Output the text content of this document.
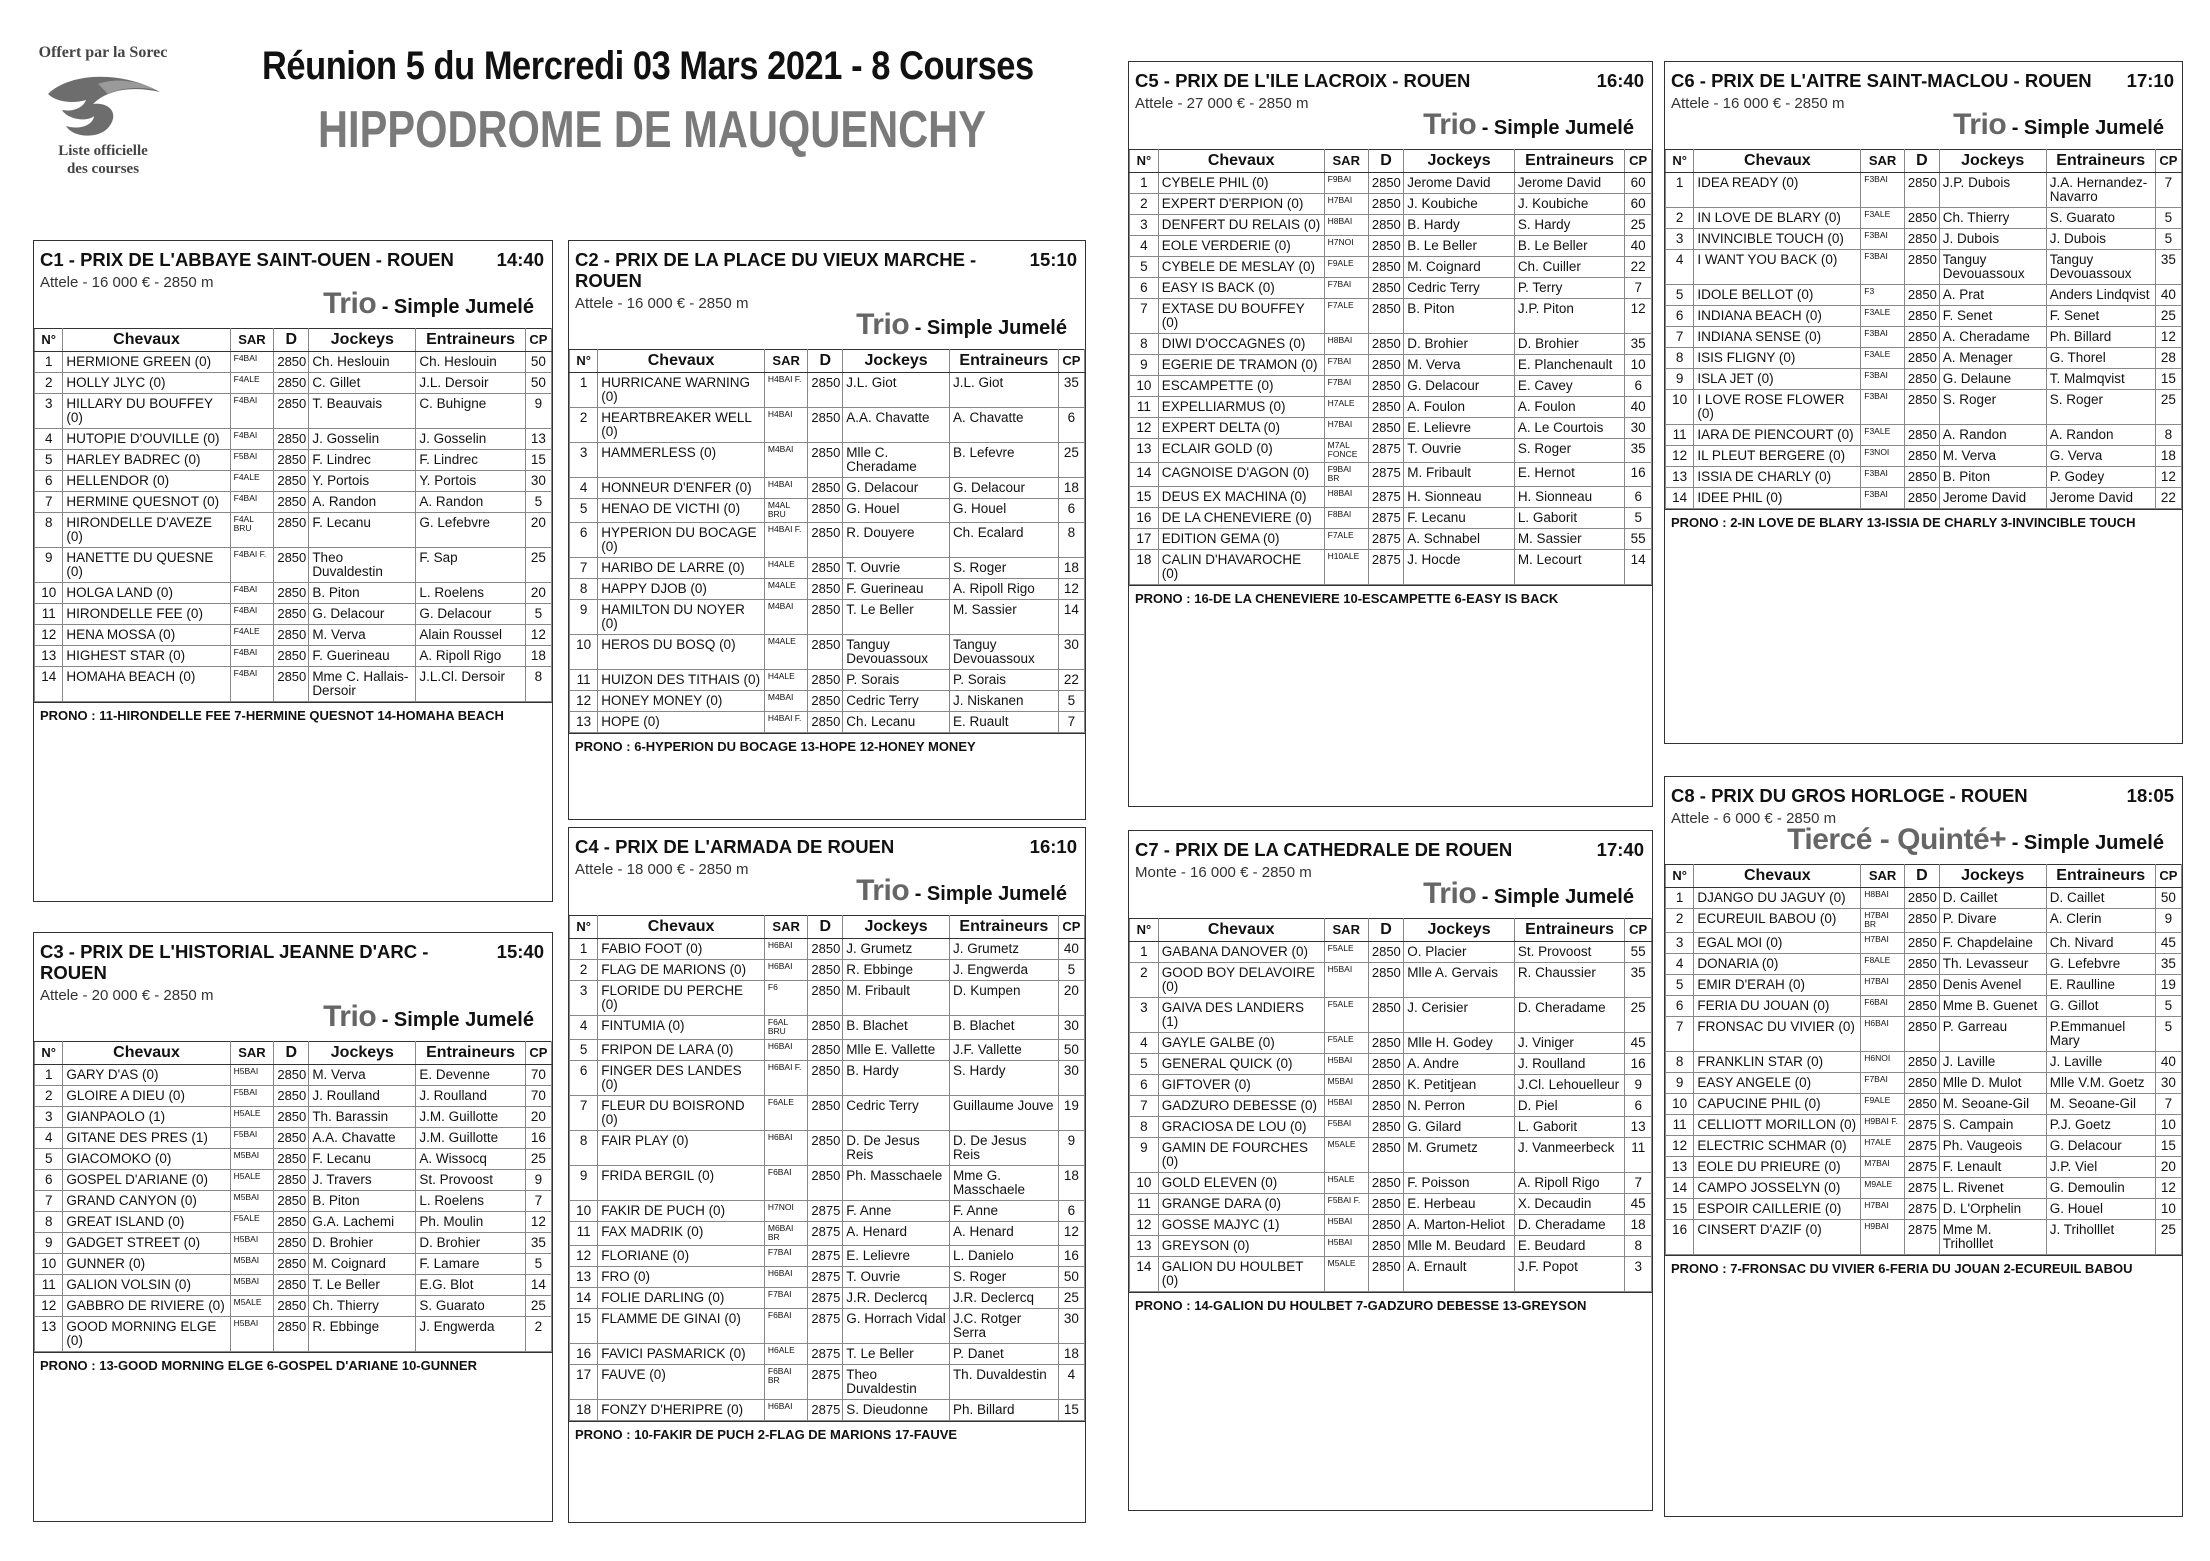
Offert par la Sorec
Liste officielle
des courses
Réunion 5 du Mercredi 03 Mars 2021 - 8 Courses
HIPPODROME DE MAUQUENCHY
C1 - PRIX DE L'ABBAYE SAINT-OUEN - ROUEN	14:40
Attele - 16 000 € - 2850 m
Trio - Simple Jumelé
N°	Chevaux	SAR	D	Jockeys	Entraineurs	CP
1	HERMIONE GREEN (0)	F4BAI	2850	Ch. Heslouin	Ch. Heslouin	50
2	HOLLY JLYC (0)	F4ALE	2850	C. Gillet	J.L. Dersoir	50
3	HILLARY DU BOUFFEY (0)	F4BAI	2850	T. Beauvais	C. Buhigne	9
4	HUTOPIE D'OUVILLE (0)	F4BAI	2850	J. Gosselin	J. Gosselin	13
5	HARLEY BADREC (0)	F5BAI	2850	F. Lindrec	F. Lindrec	15
6	HELLENDOR (0)	F4ALE	2850	Y. Portois	Y. Portois	30
7	HERMINE QUESNOT (0)	F4BAI	2850	A. Randon	A. Randon	5
8	HIRONDELLE D'AVEZE (0)	F4AL BRU	2850	F. Lecanu	G. Lefebvre	20
9	HANETTE DU QUESNE (0)	F4BAI F.	2850	Theo Duvaldestin	F. Sap	25
10	HOLGA LAND (0)	F4BAI	2850	B. Piton	L. Roelens	20
11	HIRONDELLE FEE (0)	F4BAI	2850	G. Delacour	G. Delacour	5
12	HENA MOSSA (0)	F4ALE	2850	M. Verva	Alain Roussel	12
13	HIGHEST STAR (0)	F4BAI	2850	F. Guerineau	A. Ripoll Rigo	18
14	HOMAHA BEACH (0)	F4BAI	2850	Mme C. Hallais-Dersoir	J.L.Cl. Dersoir	8
PRONO : 11-HIRONDELLE FEE 7-HERMINE QUESNOT 14-HOMAHA BEACH
C2 - PRIX DE LA PLACE DU VIEUX MARCHE - ROUEN
15:10
Attele - 16 000 € - 2850 m
Trio - Simple Jumelé
N°	Chevaux	SAR	D	Jockeys	Entraineurs	CP
1	HURRICANE WARNING (0)	H4BAI F.	2850	J.L. Giot	J.L. Giot	35
2	HEARTBREAKER WELL (0)	H4BAI	2850	A.A. Chavatte	A. Chavatte	6
3	HAMMERLESS (0)	M4BAI	2850	Mlle C. Cheradame	B. Lefevre	25
4	HONNEUR D'ENFER (0)	H4BAI	2850	G. Delacour	G. Delacour	18
5	HENAO DE VICTHI (0)	M4AL BRU	2850	G. Houel	G. Houel	6
6	HYPERION DU BOCAGE (0)	H4BAI F.	2850	R. Douyere	Ch. Ecalard	8
7	HARIBO DE LARRE (0)	H4ALE	2850	T. Ouvrie	S. Roger	18
8	HAPPY DJOB (0)	M4ALE	2850	F. Guerineau	A. Ripoll Rigo	12
9	HAMILTON DU NOYER (0)	M4BAI	2850	T. Le Beller	M. Sassier	14
10	HEROS DU BOSQ (0)	M4ALE	2850	Tanguy Devouassoux	Tanguy Devouassoux	30
11	HUIZON DES TITHAIS (0)	H4ALE	2850	P. Sorais	P. Sorais	22
12	HONEY MONEY (0)	M4BAI	2850	Cedric Terry	J. Niskanen	5
13	HOPE (0)	H4BAI F.	2850	Ch. Lecanu	E. Ruault	7
PRONO : 6-HYPERION DU BOCAGE 13-HOPE 12-HONEY MONEY
C3 - PRIX DE L'HISTORIAL JEANNE D'ARC - ROUEN
15:40
Attele - 20 000 € - 2850 m
Trio - Simple Jumelé
N°	Chevaux	SAR	D	Jockeys	Entraineurs	CP
1	GARY D'AS (0)	H5BAI	2850	M. Verva	E. Devenne	70
2	GLOIRE A DIEU (0)	F5BAI	2850	J. Roulland	J. Roulland	70
3	GIANPAOLO (1)	H5ALE	2850	Th. Barassin	J.M. Guillotte	20
4	GITANE DES PRES (1)	F5BAI	2850	A.A. Chavatte	J.M. Guillotte	16
5	GIACOMOKO (0)	M5BAI	2850	F. Lecanu	A. Wissocq	25
6	GOSPEL D'ARIANE (0)	H5ALE	2850	J. Travers	St. Provoost	9
7	GRAND CANYON (0)	M5BAI	2850	B. Piton	L. Roelens	7
8	GREAT ISLAND (0)	F5ALE	2850	G.A. Lachemi	Ph. Moulin	12
9	GADGET STREET (0)	H5BAI	2850	D. Brohier	D. Brohier	35
10	GUNNER (0)	M5BAI	2850	M. Coignard	F. Lamare	5
11	GALION VOLSIN (0)	M5BAI	2850	T. Le Beller	E.G. Blot	14
12	GABBRO DE RIVIERE (0)	M5ALE	2850	Ch. Thierry	S. Guarato	25
13	GOOD MORNING ELGE (0)	H5BAI	2850	R. Ebbinge	J. Engwerda	2
PRONO : 13-GOOD MORNING ELGE 6-GOSPEL D'ARIANE 10-GUNNER
C4 - PRIX DE L'ARMADA DE ROUEN	16:10
Attele - 18 000 € - 2850 m
Trio - Simple Jumelé
N°	Chevaux	SAR	D	Jockeys	Entraineurs	CP
1	FABIO FOOT (0)	H6BAI	2850	J. Grumetz	J. Grumetz	40
2	FLAG DE MARIONS (0)	H6BAI	2850	R. Ebbinge	J. Engwerda	5
3	FLORIDE DU PERCHE (0)	F6	2850	M. Fribault	D. Kumpen	20
4	FINTUMIA (0)	F6AL BRU	2850	B. Blachet	B. Blachet	30
5	FRIPON DE LARA (0)	H6BAI	2850	Mlle E. Vallette	J.F. Vallette	50
6	FINGER DES LANDES (0)	H6BAI F.	2850	B. Hardy	S. Hardy	30
7	FLEUR DU BOISROND (0)	F6ALE	2850	Cedric Terry	Guillaume Jouve	19
8	FAIR PLAY (0)	H6BAI	2850	D. De Jesus Reis	D. De Jesus Reis	9
9	FRIDA BERGIL (0)	F6BAI	2850	Ph. Masschaele	Mme G. Masschaele	18
10	FAKIR DE PUCH (0)	H7NOI	2875	F. Anne	F. Anne	6
11	FAX MADRIK (0)	M6BAI BR	2875	A. Henard	A. Henard	12
12	FLORIANE (0)	F7BAI	2875	E. Lelievre	L. Danielo	16
13	FRO (0)	H6BAI	2875	T. Ouvrie	S. Roger	50
14	FOLIE DARLING (0)	F7BAI	2875	J.R. Declercq	J.R. Declercq	25
15	FLAMME DE GINAI (0)	F6BAI	2875	G. Horrach Vidal	J.C. Rotger Serra	30
16	FAVICI PASMARICK (0)	H6ALE	2875	T. Le Beller	P. Danet	18
17	FAUVE (0)	F6BAI BR	2875	Theo Duvaldestin	Th. Duvaldestin	4
18	FONZY D'HERIPRE (0)	H6BAI	2875	S. Dieudonne	Ph. Billard	15
PRONO : 10-FAKIR DE PUCH 2-FLAG DE MARIONS 17-FAUVE
C5 - PRIX DE L'ILE LACROIX - ROUEN	16:40
Attele - 27 000 € - 2850 m
Trio - Simple Jumelé
N°	Chevaux	SAR	D	Jockeys	Entraineurs	CP
1	CYBELE PHIL (0)	F9BAI	2850	Jerome David	Jerome David	60
2	EXPERT D'ERPION (0)	H7BAI	2850	J. Koubiche	J. Koubiche	60
3	DENFERT DU RELAIS (0)	H8BAI	2850	B. Hardy	S. Hardy	25
4	EOLE VERDERIE (0)	H7NOI	2850	B. Le Beller	B. Le Beller	40
5	CYBELE DE MESLAY (0)	F9ALE	2850	M. Coignard	Ch. Cuiller	22
6	EASY IS BACK (0)	F7BAI	2850	Cedric Terry	P. Terry	7
7	EXTASE DU BOUFFEY (0)	F7ALE	2850	B. Piton	J.P. Piton	12
8	DIWI D'OCCAGNES (0)	H8BAI	2850	D. Brohier	D. Brohier	35
9	EGERIE DE TRAMON (0)	F7BAI	2850	M. Verva	E. Planchenault	10
10	ESCAMPETTE (0)	F7BAI	2850	G. Delacour	E. Cavey	6
11	EXPELLIARMUS (0)	H7ALE	2850	A. Foulon	A. Foulon	40
12	EXPERT DELTA (0)	H7BAI	2850	E. Lelievre	A. Le Courtois	30
13	ECLAIR GOLD (0)	M7AL FONCE	2875	T. Ouvrie	S. Roger	35
14	CAGNOISE D'AGON (0)	F9BAI BR	2875	M. Fribault	E. Hernot	16
15	DEUS EX MACHINA (0)	H8BAI	2875	H. Sionneau	H. Sionneau	6
16	DE LA CHENEVIERE (0)	F8BAI	2875	F. Lecanu	L. Gaborit	5
17	EDITION GEMA (0)	F7ALE	2875	A. Schnabel	M. Sassier	55
18	CALIN D'HAVAROCHE (0)	H10ALE	2875	J. Hocde	M. Lecourt	14
PRONO : 16-DE LA CHENEVIERE 10-ESCAMPETTE 6-EASY IS BACK
C6 - PRIX DE L'AITRE SAINT-MACLOU - ROUEN	17:10
Attele - 16 000 € - 2850 m
Trio - Simple Jumelé
N°	Chevaux	SAR	D	Jockeys	Entraineurs	CP
1	IDEA READY (0)	F3BAI	2850	J.P. Dubois	J.A. Hernandez-Navarro	7
2	IN LOVE DE BLARY (0)	F3ALE	2850	Ch. Thierry	S. Guarato	5
3	INVINCIBLE TOUCH (0)	F3BAI	2850	J. Dubois	J. Dubois	5
4	I WANT YOU BACK (0)	F3BAI	2850	Tanguy Devouassoux	Tanguy Devouassoux	35
5	IDOLE BELLOT (0)	F3	2850	A. Prat	Anders Lindqvist	40
6	INDIANA BEACH (0)	F3ALE	2850	F. Senet	F. Senet	25
7	INDIANA SENSE (0)	F3BAI	2850	A. Cheradame	Ph. Billard	12
8	ISIS FLIGNY (0)	F3ALE	2850	A. Menager	G. Thorel	28
9	ISLA JET (0)	F3BAI	2850	G. Delaune	T. Malmqvist	15
10	I LOVE ROSE FLOWER (0)	F3BAI	2850	S. Roger	S. Roger	25
11	IARA DE PIENCOURT (0)	F3ALE	2850	A. Randon	A. Randon	8
12	IL PLEUT BERGERE (0)	F3NOI	2850	M. Verva	G. Verva	18
13	ISSIA DE CHARLY (0)	F3BAI	2850	B. Piton	P. Godey	12
14	IDEE PHIL (0)	F3BAI	2850	Jerome David	Jerome David	22
PRONO : 2-IN LOVE DE BLARY 13-ISSIA DE CHARLY 3-INVINCIBLE TOUCH
C7 - PRIX DE LA CATHEDRALE DE ROUEN	17:40
Monte - 16 000 € - 2850 m
Trio - Simple Jumelé
N°	Chevaux	SAR	D	Jockeys	Entraineurs	CP
1	GABANA DANOVER (0)	F5ALE	2850	O. Placier	St. Provoost	55
2	GOOD BOY DELAVOIRE (0)	H5BAI	2850	Mlle A. Gervais	R. Chaussier	35
3	GAIVA DES LANDIERS (1)	F5ALE	2850	J. Cerisier	D. Cheradame	25
4	GAYLE GALBE (0)	F5ALE	2850	Mlle H. Godey	J. Viniger	45
5	GENERAL QUICK (0)	H5BAI	2850	A. Andre	J. Roulland	16
6	GIFTOVER (0)	M5BAI	2850	K. Petitjean	J.Cl. Lehouelleur	9
7	GADZURO DEBESSE (0)	H5BAI	2850	N. Perron	D. Piel	6
8	GRACIOSA DE LOU (0)	F5BAI	2850	G. Gilard	L. Gaborit	13
9	GAMIN DE FOURCHES (0)	M5ALE	2850	M. Grumetz	J. Vanmeerbeck	11
10	GOLD ELEVEN (0)	H5ALE	2850	F. Poisson	A. Ripoll Rigo	7
11	GRANGE DARA (0)	F5BAI F.	2850	E. Herbeau	X. Decaudin	45
12	GOSSE MAJYC (1)	H5BAI	2850	A. Marton-Heliot	D. Cheradame	18
13	GREYSON (0)	H5BAI	2850	Mlle M. Beudard	E. Beudard	8
14	GALION DU HOULBET (0)	M5ALE	2850	A. Ernault	J.F. Popot	3
PRONO : 14-GALION DU HOULBET 7-GADZURO DEBESSE 13-GREYSON
C8 - PRIX DU GROS HORLOGE - ROUEN	18:05
Attele - 6 000 € - 2850 m
Tiercé - Quinté+ - Simple Jumelé
N°	Chevaux	SAR	D	Jockeys	Entraineurs	CP
1	DJANGO DU JAGUY (0)	H8BAI	2850	D. Caillet	D. Caillet	50
2	ECUREUIL BABOU (0)	H7BAI BR	2850	P. Divare	A. Clerin	9
3	EGAL MOI (0)	H7BAI	2850	F. Chapdelaine	Ch. Nivard	45
4	DONARIA (0)	F8ALE	2850	Th. Levasseur	G. Lefebvre	35
5	EMIR D'ERAH (0)	H7BAI	2850	Denis Avenel	E. Raulline	19
6	FERIA DU JOUAN (0)	F6BAI	2850	Mme B. Guenet	G. Gillot	5
7	FRONSAC DU VIVIER (0)	H6BAI	2850	P. Garreau	P.Emmanuel Mary	5
8	FRANKLIN STAR (0)	H6NOI	2850	J. Laville	J. Laville	40
9	EASY ANGELE (0)	F7BAI	2850	Mlle D. Mulot	Mlle V.M. Goetz	30
10	CAPUCINE PHIL (0)	F9ALE	2850	M. Seoane-Gil	M. Seoane-Gil	7
11	CELLIOTT MORILLON (0)	H9BAI F.	2875	S. Campain	P.J. Goetz	10
12	ELECTRIC SCHMAR (0)	H7ALE	2875	Ph. Vaugeois	G. Delacour	15
13	EOLE DU PRIEURE (0)	M7BAI	2875	F. Lenault	J.P. Viel	20
14	CAMPO JOSSELYN (0)	M9ALE	2875	L. Rivenet	G. Demoulin	12
15	ESPOIR CAILLERIE (0)	H7BAI	2875	D. L'Orphelin	G. Houel	10
16	CINSERT D'AZIF (0)	H9BAI	2875	Mme M. Triholllet	J. Triholllet	25
PRONO : 7-FRONSAC DU VIVIER 6-FERIA DU JOUAN 2-ECUREUIL BABOU
